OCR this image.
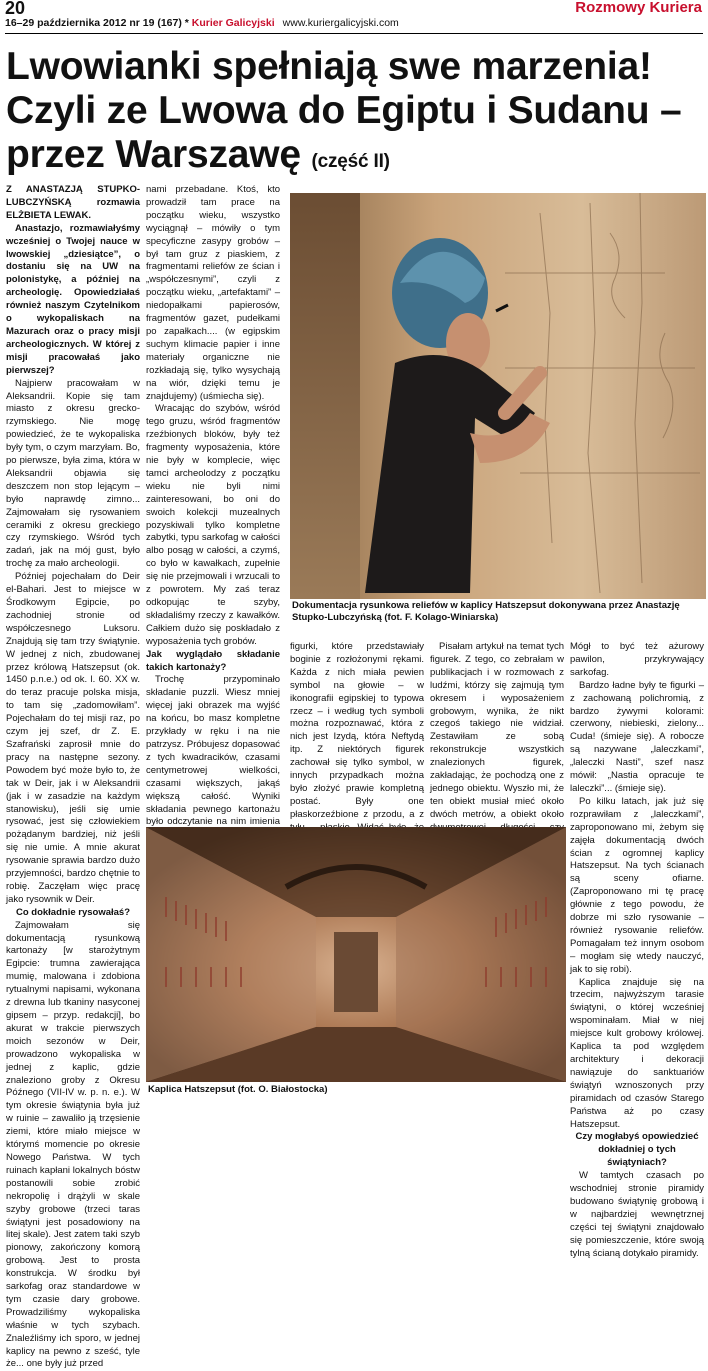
20
16–29 października 2012 nr 19 (167) * Kurier Galicyjski www.kuriergalicyjski.com
Rozmowy Kuriera
Lwowianki spełniają swe marzenia! Czyli ze Lwowa do Egiptu i Sudanu – przez Warszawę (część II)

Z ANASTAZJĄ STUPKO-LUBCZYŃSKĄ rozmawia ELŻBIETA LEWAK.

Anastazjo, rozmawiałyśmy wcześniej o Twojej nauce w lwowskiej „dziesiątce”, o dostaniu się na UW na polonistykę, a później na archeologię. Opowiedziałaś również naszym Czytelnikom o wykopaliskach na Mazurach oraz o pracy misji archeologicznych. W której z misji pracowałaś jako pierwszej?

Najpierw pracowałam w Aleksandrii. Kopie się tam miasto z okresu grecko-rzymskiego. Nie mogę powiedzieć, że te wykopaliska były tym, o czym marzyłam. Bo, po pierwsze, była zima, która w Aleksandrii objawia się deszczem non stop lejącym – było naprawdę zimno... Zajmowałam się rysowaniem ceramiki z okresu greckiego czy rzymskiego. Wśród tych zadań, jak na mój gust, było trochę za mało archeologii.

Później pojechałam do Deir el-Bahari. Jest to miejsce w Środkowym Egipcie, po zachodniej stronie od współczesnego Luksoru. Znajdują się tam trzy świątynie. W jednej z nich, zbudowanej przez królową Hatszepsut (ok. 1450 p.n.e.) od ok. l. 60. XX w. do teraz pracuje polska misja, to tam się „zadomowiłam”. Pojechałam do tej misji raz, po czym jej szef, dr Z. E. Szafrański zaprosił mnie do pracy na następne sezony. Powodem być może było to, że tak w Deir, jak i w Aleksandrii (jak i w zasadzie na każdym stanowisku), jeśli się umie rysować, jest się człowiekiem pożądanym bardziej, niż jeśli się nie umie. A mnie akurat rysowanie sprawia bardzo dużo przyjemności, bardzo chętnie to robię. Zaczęłam więc pracę jako rysownik w Deir.

Co dokładnie rysowałaś?

Zajmowałam się dokumentacją rysunkową kartonaży [w starożytnym Egipcie: trumna zawierająca mumię, malowana i zdobiona rytualnymi napisami, wykonana z drewna lub tkaniny nasyconej gipsem – przyp. redakcji], bo akurat w trakcie pierwszych moich sezonów w Deir, prowadzono wykopaliska w jednej z kaplic, gdzie znaleziono groby z Okresu Późnego (VII-IV w. p. n. e.). W tym okresie świątynia była już w ruinie – zawaliło ją trzęsienie ziemi, które miało miejsce w którymś momencie po okresie Nowego Państwa. W tych ruinach kapłani lokalnych bóstw postanowili sobie zrobić nekropolię i drążyli w skale szyby grobowe (trzeci taras świątyni jest posadowiony na litej skale). Jest zatem taki szyb pionowy, zakończony komorą grobową. Jest to prosta konstrukcja. W środku był sarkofag oraz standardowe w tym czasie dary grobowe. Prowadziliśmy wykopaliska właśnie w tych szybach. Znaleźliśmy ich sporo, w jednej kaplicy na pewno z sześć, tyle że... one były już przed

nami przebadane. Ktoś, kto prowadził tam prace na początku wieku, wszystko wyciągnął – mówiły o tym specyficzne zasypy grobów – był tam gruz z piaskiem, z fragmentami reliefów ze ścian i „współczesnymi”, czyli z początku wieku, „artefaktami” – niedopałkami papierosów, fragmentów gazet, pudełkami po zapałkach.... (w egipskim suchym klimacie papier i inne materiały organiczne nie rozkładają się, tylko wysychają na wiór, dzięki temu je znajdujemy) (uśmiecha się).

Wracając do szybów, wśród tego gruzu, wśród fragmentów rzeźbionych bloków, były też fragmenty wyposażenia, które nie były w komplecie, więc tamci archeolodzy z początku wieku nie byli nimi zainteresowani, bo oni do swoich kolekcji muzealnych pozyskiwali tylko kompletne zabytki, typu sarkofag w całości albo posąg w całości, a czymś, co było w kawałkach, zupełnie się nie przejmowali i wrzucali to z powrotem. My zaś teraz odkopując te szyby, składaliśmy rzeczy z kawałków. Całkiem dużo się poskładało z wyposażenia tych grobów.

Jak wyglądało składanie takich kartonaży?

Trochę przypominało składanie puzzli. Wiesz mniej więcej jaki obrazek ma wyjść na końcu, bo masz kompletne przykłady w ręku i na nie patrzysz. Próbujesz dopasować z tych kwadracików, czasami centymetrowej wielkości, czasami większych, jakąś większą całość. Wyniki składania pewnego kartonażu było odczytanie na nim imienia

figurki, które przedstawiały boginie z rozłożonymi rękami. Każda z nich miała pewien symbol na głowie – w ikonografii egipskiej to typowa rzecz – i według tych symboli można rozpoznawać, która z nich jest Izydą, która Neftydą itp. Z niektórych figurek zachował się tylko symbol, w innych przypadkach można było złożyć prawie kompletną postać. Były one płaskorzeźbione z przodu, a z

Pisałam artykuł na temat tych figurek. Z tego, co zebrałam w publikacjach i w rozmowach z ludźmi, którzy się zajmują tym okresem i wyposażeniem grobowym, wynika, że nikt czegoś takiego nie widział. Zestawiłam ze sobą rekonstrukcje wszystkich znalezionych figurek, zakładając, że pochodzą one z jednego obiektu. Wyszło mi, że ten obiekt musiał mieć około dwóch metrów, a obiekt około

Mógł to być też ażurowy pawilon, przykrywający sarkofag.

Bardzo ładne były te figurki – z zachowaną polichromią, z bardzo żywymi kolorami: czerwony, niebieski, zielony... Cuda! (śmieje się). A robocze są nazywane „laleczkami”, „laleczki Nasti”, szef nasz mówił: „Nastia opracuje te laleczki”... (śmieje się).

Po kilku latach, jak już się rozprawiłam z „laleczkami”, zaproponowano mi, żebym się zajęła dokumentacją dwóch ścian z ogromnej kaplicy Hatszepsut. Na tych ścianach są sceny ofiarne. (Zaproponowano mi tę pracę głównie z tego powodu, że dobrze mi szło rysowanie – również rysowanie reliefów. Pomagałam też innym osobom – mogłam się wtedy nauczyć, jak to się robi).

Kaplica znajduje się na trzecim, najwyższym tarasie świątyni, o której wcześniej wspominałam. Miał w niej miejsce kult grobowy królowej. Kaplica ta pod względem architektury i dekoracji nawiązuje do sanktuariów świątyń wznoszonych przy piramidach od czasów Starego Państwa aż po czasy Hatszepsut.

Czy mogłabyś opowiedzieć dokładniej o tych świątyniach?

W tamtych czasach po wschodniej stronie piramidy budowano świątynię grobową i w najbardziej wewnętrznej części tej świątyni znajdowało się pomieszczenie, które swoją tylną ścianą dotykało piramidy.

Dokumentacja rysunkowa reliefów w kaplicy Hatszepsut dokonywana przez Anastazję Stupko-Lubczyńską (fot. F. Kolago-Winiarska)
Kaplica Hatszepsut (fot. O. Białostocka)
